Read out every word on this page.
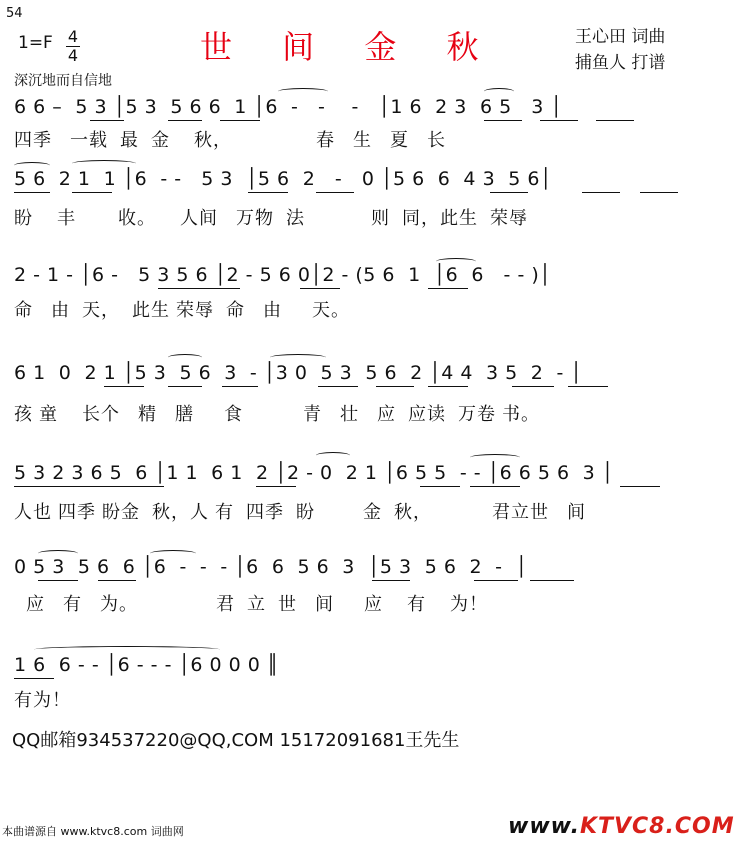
54
1=F 4
4
深沉地而自信地
世 间 金 秋	王心田 词曲
捕鱼人 打谱
6 6 –  5 3 │5 3  5 6 6  1 │6  -   -    -   │1 6  2 3  6 5   3 │
四季   一载  最  金    秋，              春   生   夏   长
5 6  2 1  1 │6  - -   5 3  │5 6  2   -   0 │5 6  6  4 3  5 6│
盼    丰       收。    人间   万物  法           则  同，此生  荣辱
2 - 1 - │6 -   5 3 5 6 │2 - 5 6 0│2 - (5 6  1  │6  6   - - )│
命   由  天，  此生 荣辱  命   由     天。
6 1  0  2 1 │5 3  5 6  3  - │3 0  5 3  5 6  2 │4 4  3 5  2  - │
孩 童    长个   精   膳     食          青   壮   应  应读  万卷 书。
5 3 2 3 6 5  6 │1 1  6 1  2 │2 - 0  2 1 │6 5 5  - - │6 6 5 6  3 │
人也 四季 盼金  秋，人 有  四季  盼        金  秋，          君立世   间
0 5 3  5 6  6 │6  -  -  - │6  6  5 6  3  │5 3  5 6  2  -  │
应   有   为。             君  立  世   间     应    有    为！
1 6  6 - - │6 - - - │6 0 0 0 ║
有为！
QQ邮箱934537220@QQ,COM 15172091681王先生
本曲谱源自 www.ktvc8.com 词曲网	www.KTVC8.COM
